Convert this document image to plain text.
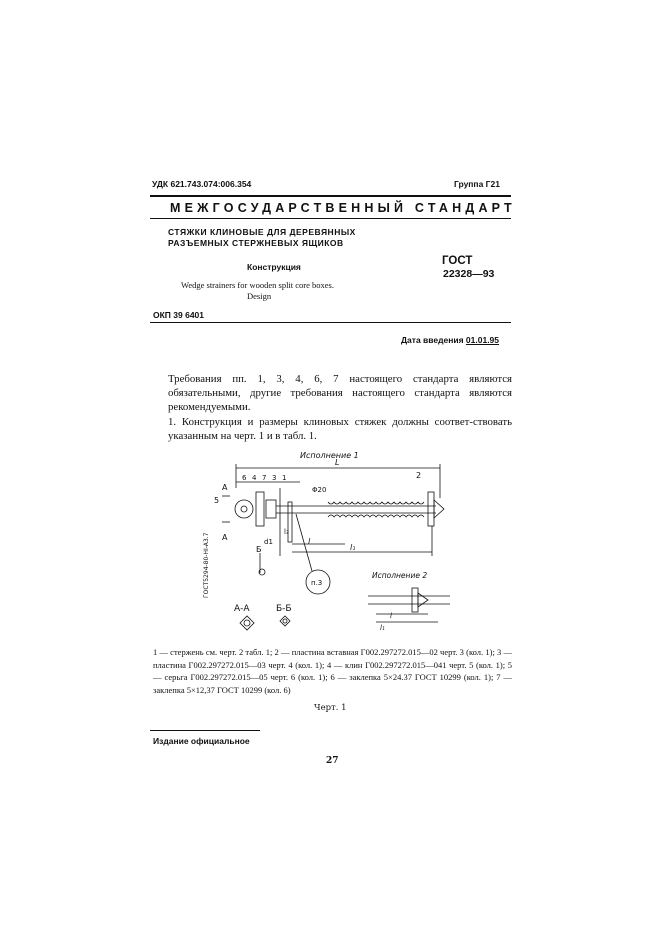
УДК 621.743.074:006.354	Группа Г21
МЕЖГОСУДАРСТВЕННЫЙ СТАНДАРТ
СТЯЖКИ КЛИНОВЫЕ ДЛЯ ДЕРЕВЯННЫХ
РАЗЪЕМНЫХ СТЕРЖНЕВЫХ ЯЩИКОВ
Конструкция	ГОСТ
22328—93
Wedge strainers for wooden split core boxes.
Design
ОКП 39 6401
Дата введения 01.01.95

Требования пп. 1, 3, 4, 6, 7 настоящего стандарта являются обязательными, другие требования настоящего стандарта являются рекомендуемыми.

1. Конструкция и размеры клиновых стяжек должны соответ-ствовать указанным на черт. 1 и в табл. 1.

Исполнение 1
L
2
l
l₁
Φ20
d1
l₃
п.3
A
A
Б
А-А	Б-Б
Исполнение 2
l
l₁
5
6 4 7 3 1
ГОСТ5294-80-HI-A3.7
1 — стержень см. черт. 2 табл. 1; 2 — пластина вставная Г002.297272.015—02 черт. 3 (кол. 1); 3 — пластина Г002.297272.015—03 черт. 4 (кол. 1); 4 — клин Г002.297272.015—041 черт. 5 (кол. 1); 5 — серьга Г002.297272.015—05 черт. 6 (кол. 1); 6 — заклепка 5×24.37 ГОСТ 10299 (кол. 1); 7 — заклепка 5×12,37 ГОСТ 10299 (кол. 6)
Черт. 1
Издание официальное
27
